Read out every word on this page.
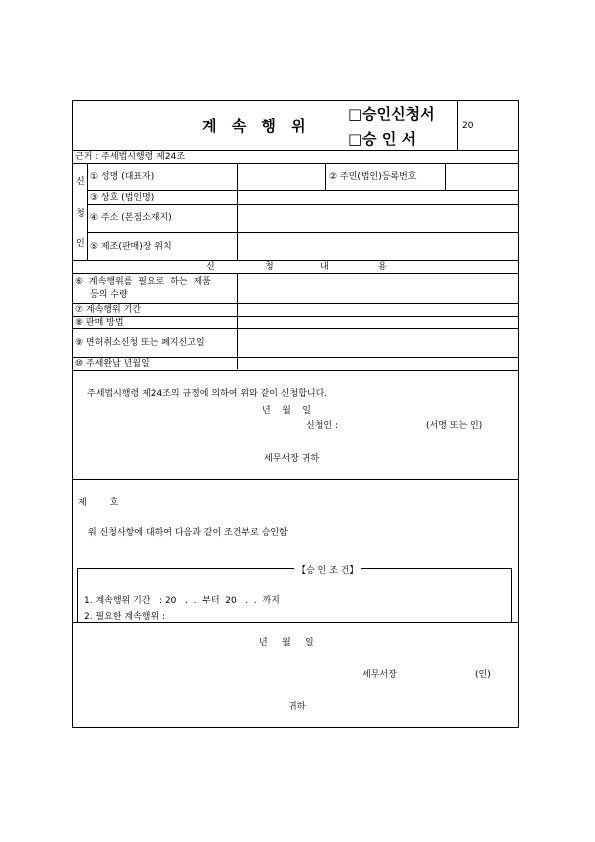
계 속 행 위
□승인신청서
□승 인 서
20
근거 : 주세법시행령 제24조
신
청
인
① 성명 (대표자)	② 주민(법인)등록번호
③ 상호 (법인명)
④ 주소 (본점소재지)
⑤ 제조(판매)장 위치
신	청	내	용
⑥ 계속행위를 필요로 하는 제품
등의 수량
⑦ 계속행위 기간
⑧ 판매 방법
⑨ 면허취소신청 또는 폐지신고일
⑩ 주세완납 년월일
주세법시행령 제24조의 규정에 의하여 위와 같이 신청합니다.
년    월    일
신청인 :	(서명 또는 인)
세무서장 귀하
제        호
위 신청사항에 대하여 다음과 같이 조건부로 승인함
【승 인 조 건】
1. 계속행위 기간   : 20   .  .  부터  20   .  .  까지
2. 필요한 계속행위 :
년     월     일
세무서장	(인)
귀하
